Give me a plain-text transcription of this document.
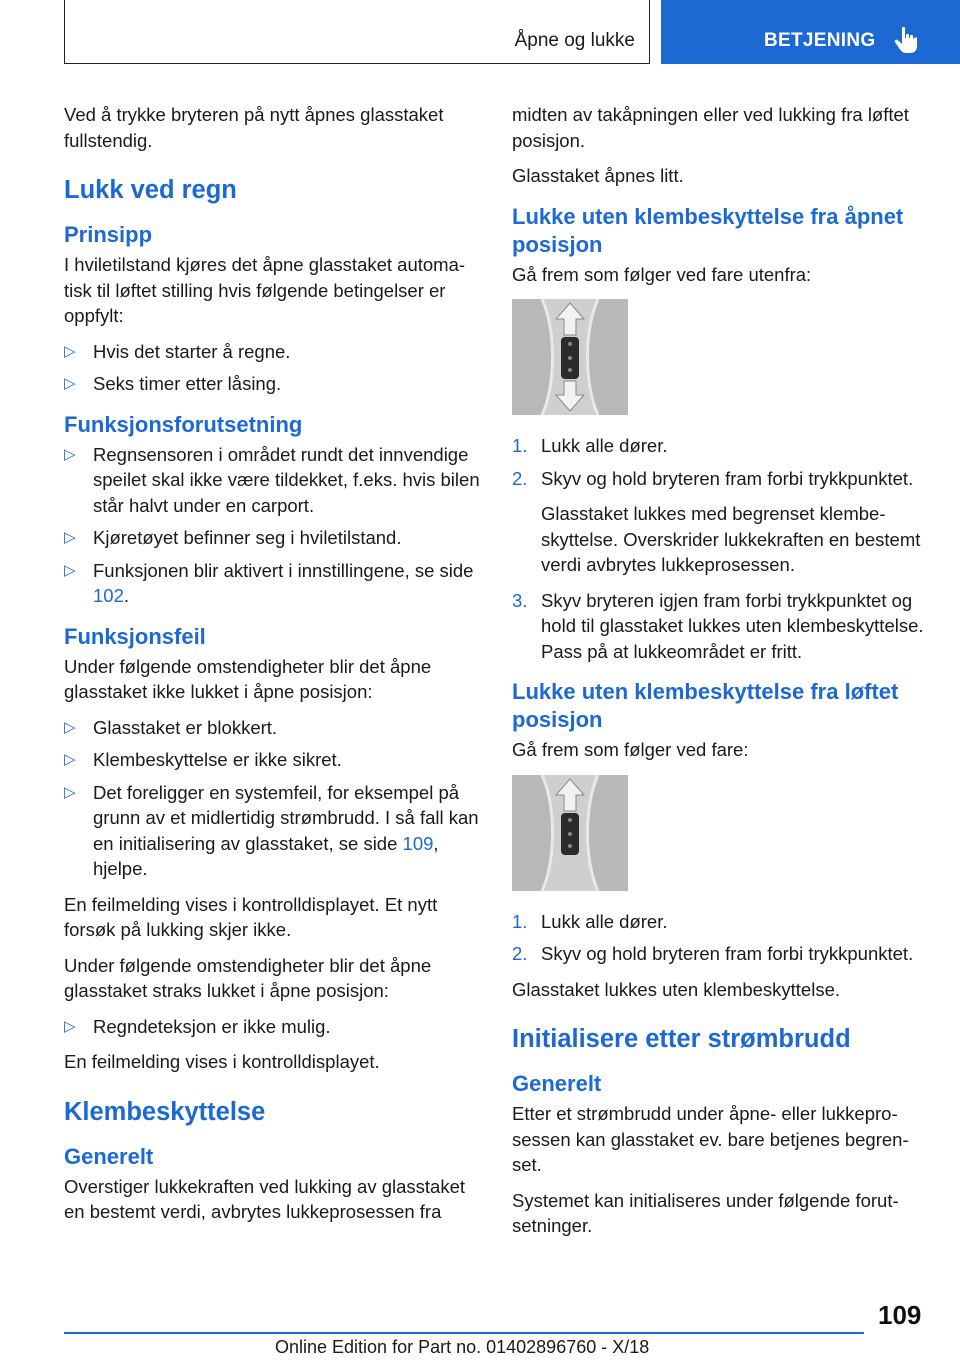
Åpne og lukke	BETJENING

Ved å trykke bryteren på nytt åpnes glasstaket fullstendig.

Lukk ved regn
Prinsipp

I hviletilstand kjøres det åpne glasstaket automatisk til løftet stilling hvis følgende betingelser er oppfylt:

▷ Hvis det starter å regne.
▷ Seks timer etter låsing.
Funksjonsforutsetning
▷ Regnsensoren i området rundt det innvendige speilet skal ikke være tildekket, f.eks. hvis bilen står halvt under en carport.
▷ Kjøretøyet befinner seg i hviletilstand.
▷ Funksjonen blir aktivert i innstillingene, se side 102.
Funksjonsfeil

Under følgende omstendigheter blir det åpne glasstaket ikke lukket i åpne posisjon:

▷ Glasstaket er blokkert.
▷ Klembeskyttelse er ikke sikret.
▷ Det foreligger en systemfeil, for eksempel på grunn av et midlertidig strømbrudd. I så fall kan en initialisering av glasstaket, se side 109, hjelpe.

En feilmelding vises i kontrolldisplayet. Et nytt forsøk på lukking skjer ikke.

Under følgende omstendigheter blir det åpne glasstaket straks lukket i åpne posisjon:

▷ Regndeteksjon er ikke mulig.

En feilmelding vises i kontrolldisplayet.

Klembeskyttelse
Generelt

Overstiger lukkekraften ved lukking av glasstaket en bestemt verdi, avbrytes lukkeprosessen fra

midten av takåpningen eller ved lukking fra løftet posisjon.

Glasstaket åpnes litt.

Lukke uten klembeskyttelse fra åpnet posisjon

Gå frem som følger ved fare utenfra:

1. Lukk alle dører.
2. Skyv og hold bryteren fram forbi trykkpunktet.

Glasstaket lukkes med begrenset klembeskyttelse. Overskrider lukkekraften en bestemt verdi avbrytes lukkeprosessen.

3. Skyv bryteren igjen fram forbi trykkpunktet og hold til glasstaket lukkes uten klembeskyttelse. Pass på at lukkeområdet er fritt.
Lukke uten klembeskyttelse fra løftet posisjon

Gå frem som følger ved fare:

1. Lukk alle dører.
2. Skyv og hold bryteren fram forbi trykkpunktet.

Glasstaket lukkes uten klembeskyttelse.

Initialisere etter strømbrudd
Generelt

Etter et strømbrudd under åpne- eller lukkeprosessen kan glasstaket ev. bare betjenes begrenset.

Systemet kan initialiseres under følgende forutsetninger.

109
Online Edition for Part no. 01402896760 - X/18
